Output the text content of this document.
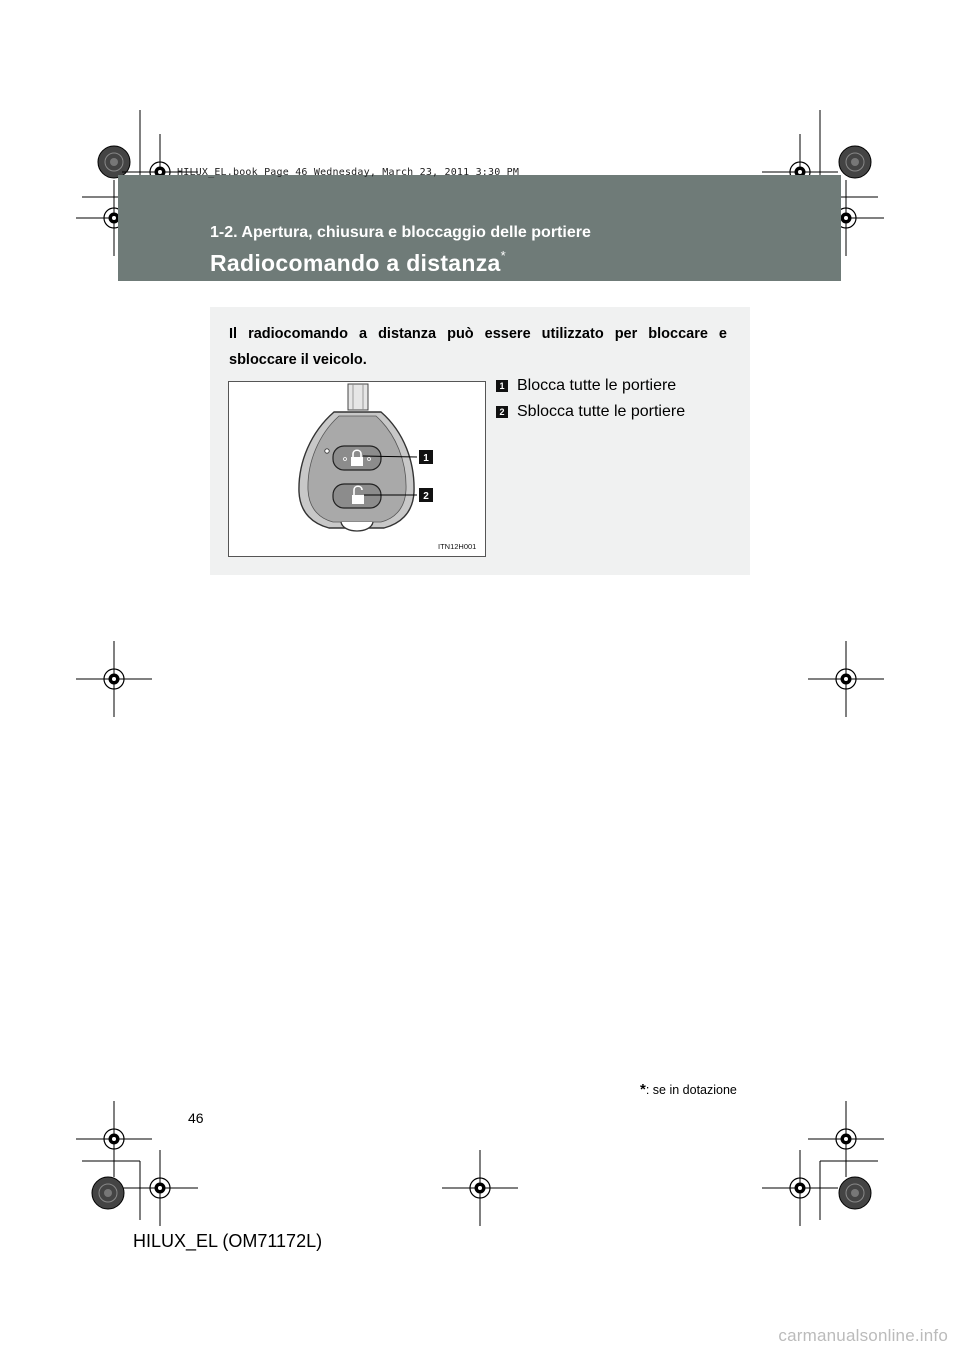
HILUX_EL.book Page 46 Wednesday, March 23, 2011 3:30 PM
1-2. Apertura, chiusura e bloccaggio delle portiere
Radiocomando a distanza*
Il radiocomando a distanza può essere utilizzato per bloccare e sbloccare il veicolo.
1
2
ITN12H001
1 Blocca tutte le portiere
2 Sblocca tutte le portiere
*: se in dotazione
46
HILUX_EL (OM71172L)
carmanualsonline.info
